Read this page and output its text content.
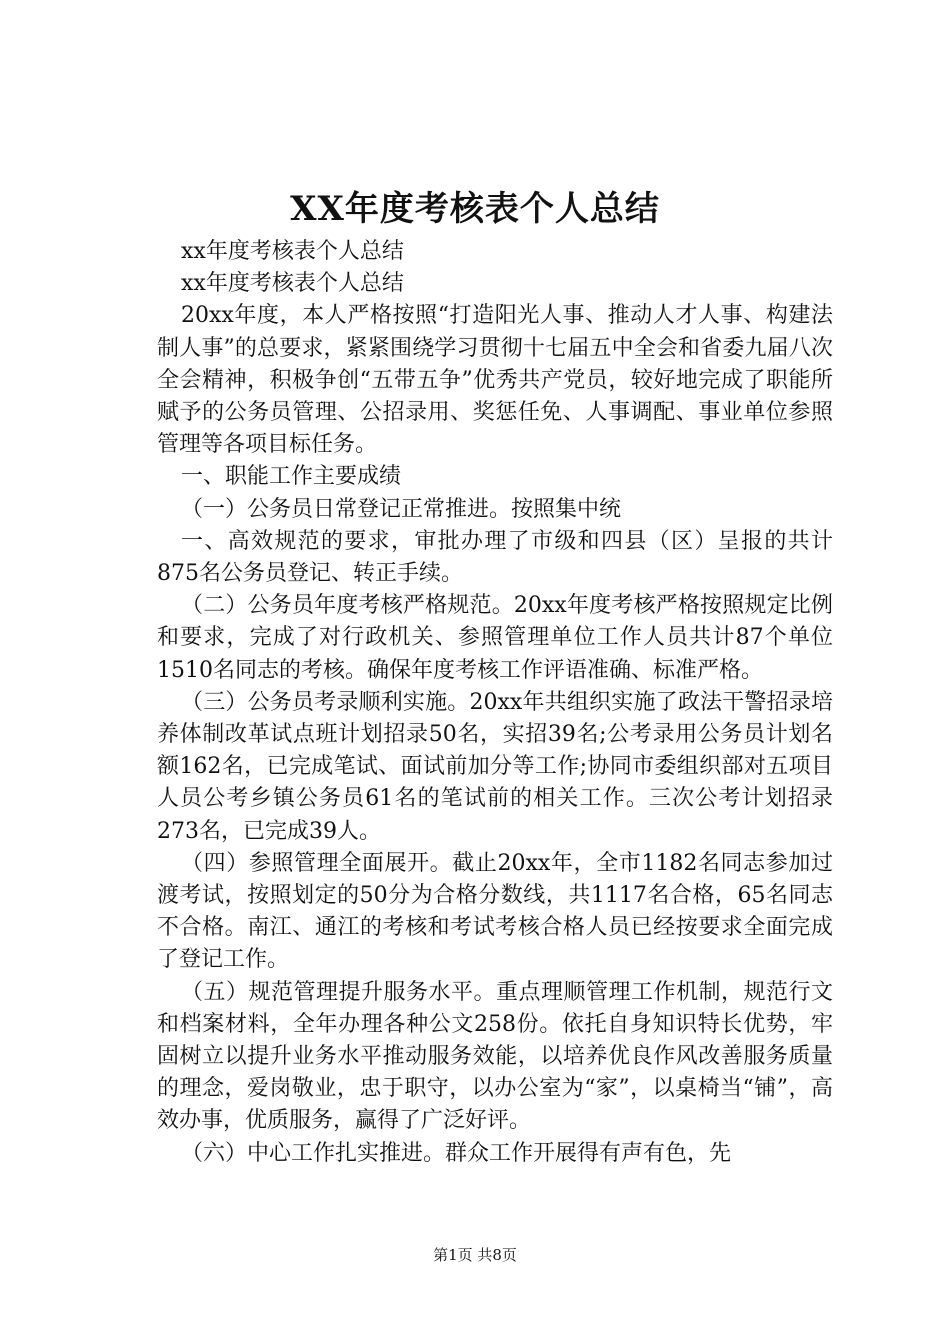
XX年度考核表个人总结

xx年度考核表个人总结

xx年度考核表个人总结

20xx年度，本人严格按照“打造阳光人事、推动人才人事、构建法制人事”的总要求，紧紧围绕学习贯彻十七届五中全会和省委九届八次全会精神，积极争创“五带五争”优秀共产党员，较好地完成了职能所赋予的公务员管理、公招录用、奖惩任免、人事调配、事业单位参照管理等各项目标任务。

一、职能工作主要成绩

（一）公务员日常登记正常推进。按照集中统

一、高效规范的要求，审批办理了市级和四县（区）呈报的共计875名公务员登记、转正手续。

（二）公务员年度考核严格规范。20xx年度考核严格按照规定比例和要求，完成了对行政机关、参照管理单位工作人员共计87个单位1510名同志的考核。确保年度考核工作评语准确、标准严格。

（三）公务员考录顺利实施。20xx年共组织实施了政法干警招录培养体制改革试点班计划招录50名，实招39名;公考录用公务员计划名额162名，已完成笔试、面试前加分等工作;协同市委组织部对五项目人员公考乡镇公务员61名的笔试前的相关工作。三次公考计划招录273名，已完成39人。

（四）参照管理全面展开。截止20xx年，全市1182名同志参加过渡考试，按照划定的50分为合格分数线，共1117名合格，65名同志不合格。南江、通江的考核和考试考核合格人员已经按要求全面完成了登记工作。

（五）规范管理提升服务水平。重点理顺管理工作机制，规范行文和档案材料，全年办理各种公文258份。依托自身知识特长优势，牢固树立以提升业务水平推动服务效能，以培养优良作风改善服务质量的理念，爱岗敬业，忠于职守，以办公室为“家”，以桌椅当“铺”，高效办事，优质服务，赢得了广泛好评。

（六）中心工作扎实推进。群众工作开展得有声有色，先

第1页 共8页
